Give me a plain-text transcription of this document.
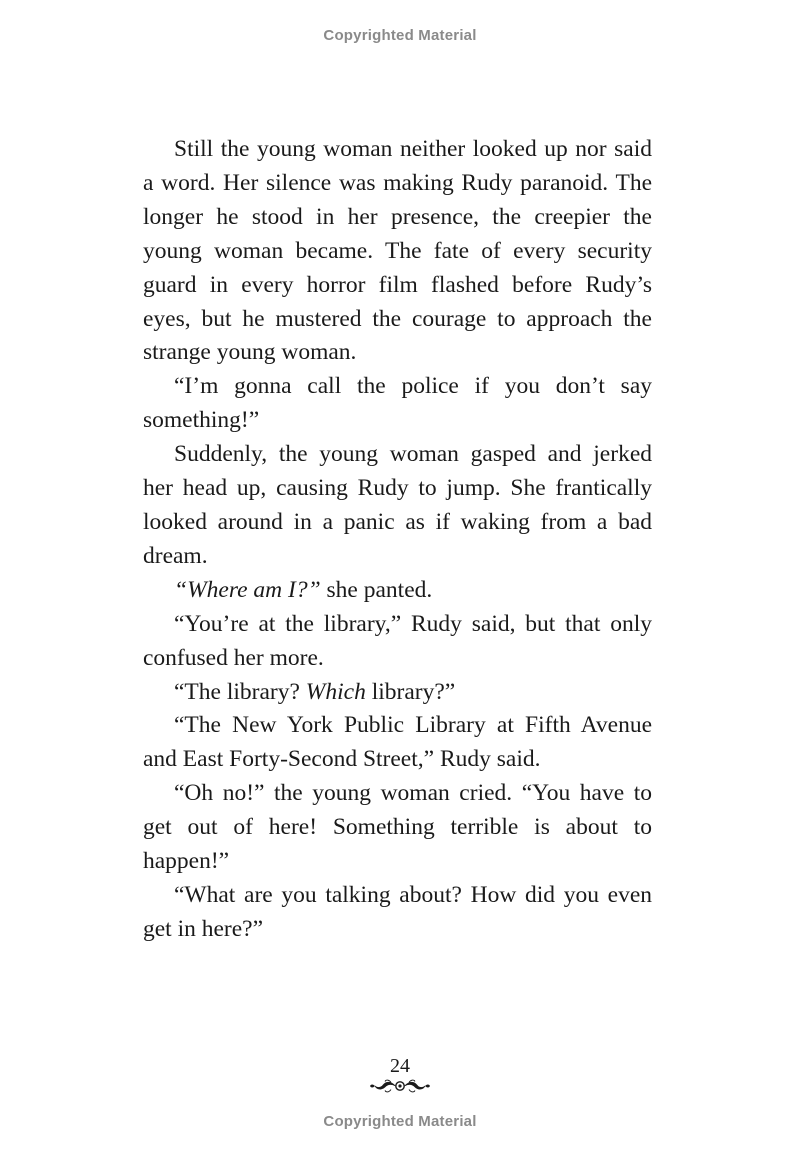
Copyrighted Material

Still the young woman neither looked up nor said a word. Her silence was making Rudy paranoid. The longer he stood in her presence, the creepier the young woman became. The fate of every security guard in every horror film flashed before Rudy’s eyes, but he mustered the courage to approach the strange young woman.

“I’m gonna call the police if you don’t say something!”

Suddenly, the young woman gasped and jerked her head up, causing Rudy to jump. She frantically looked around in a panic as if waking from a bad dream.

“Where am I?” she panted.

“You’re at the library,” Rudy said, but that only confused her more.

“The library? Which library?”

“The New York Public Library at Fifth Avenue and East Forty-Second Street,” Rudy said.

“Oh no!” the young woman cried. “You have to get out of here! Something terrible is about to happen!”

“What are you talking about? How did you even get in here?”

24
Copyrighted Material
